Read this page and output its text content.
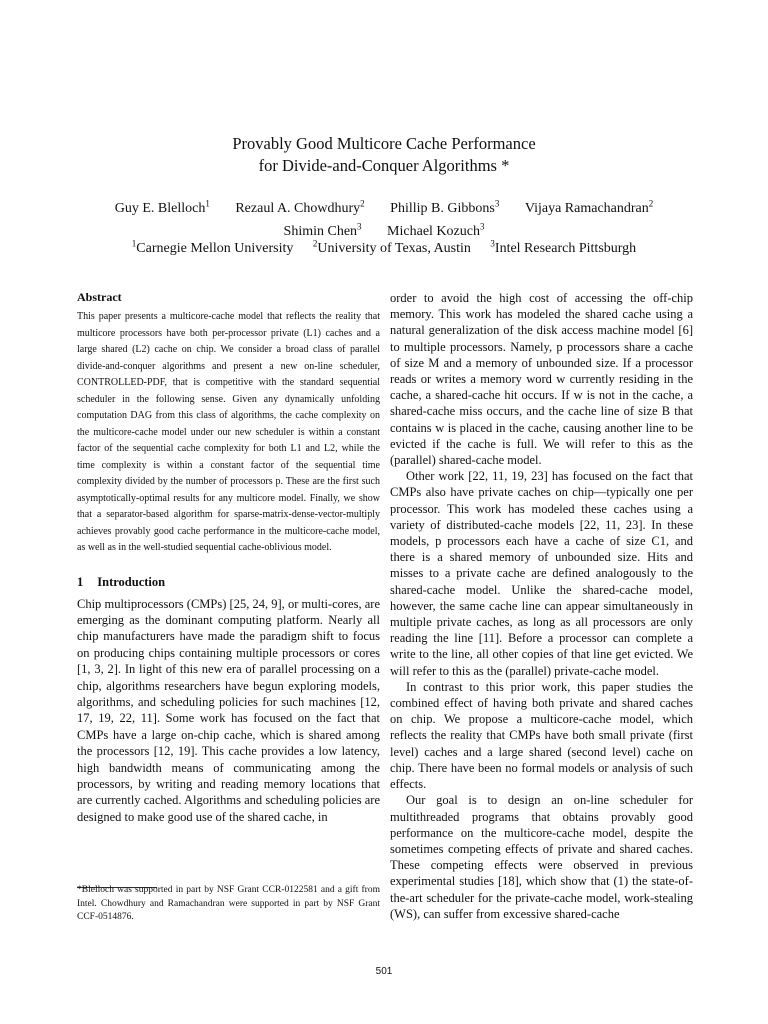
Provably Good Multicore Cache Performance
for Divide-and-Conquer Algorithms *
Guy E. Blelloch$^1$ Rezaul A. Chowdhury$^2$ Phillip B. Gibbons$^3$ Vijaya Ramachandran$^2$
Shimin Chen$^3$ Michael Kozuch$^3$
$^1$Carnegie Mellon University $^2$University of Texas, Austin $^3$Intel Research Pittsburgh
Abstract

This paper presents a multicore-cache model that reflects the reality that multicore processors have both per-processor private (L1) caches and a large shared (L2) cache on chip. We consider a broad class of parallel divide-and-conquer algorithms and present a new on-line scheduler, CONTROLLED-PDF, that is competitive with the standard sequential scheduler in the following sense. Given any dynamically unfolding computation DAG from this class of algorithms, the cache complexity on the multicore-cache model under our new scheduler is within a constant factor of the sequential cache complexity for both L1 and L2, while the time complexity is within a constant factor of the sequential time complexity divided by the number of processors p. These are the first such asymptotically-optimal results for any multicore model. Finally, we show that a separator-based algorithm for sparse-matrix-dense-vector-multiply achieves provably good cache performance in the multicore-cache model, as well as in the well-studied sequential cache-oblivious model.

1 Introduction

Chip multiprocessors (CMPs) [25, 24, 9], or multi-cores, are emerging as the dominant computing platform. Nearly all chip manufacturers have made the paradigm shift to focus on producing chips containing multiple processors or cores [1, 3, 2]. In light of this new era of parallel processing on a chip, algorithms researchers have begun exploring models, algorithms, and scheduling policies for such machines [12, 17, 19, 22, 11]. Some work has focused on the fact that CMPs have a large on-chip cache, which is shared among the processors [12, 19]. This cache provides a low latency, high bandwidth means of communicating among the processors, by writing and reading memory locations that are currently cached. Algorithms and scheduling policies are designed to make good use of the shared cache, in

order to avoid the high cost of accessing the off-chip memory. This work has modeled the shared cache using a natural generalization of the disk access machine model [6] to multiple processors. Namely, p processors share a cache of size M and a memory of unbounded size. If a processor reads or writes a memory word w currently residing in the cache, a shared-cache hit occurs. If w is not in the cache, a shared-cache miss occurs, and the cache line of size B that contains w is placed in the cache, causing another line to be evicted if the cache is full. We will refer to this as the (parallel) shared-cache model.

Other work [22, 11, 19, 23] has focused on the fact that CMPs also have private caches on chip—typically one per processor. This work has modeled these caches using a variety of distributed-cache models [22, 11, 23]. In these models, p processors each have a cache of size C1, and there is a shared memory of unbounded size. Hits and misses to a private cache are defined analogously to the shared-cache model. Unlike the shared-cache model, however, the same cache line can appear simultaneously in multiple private caches, as long as all processors are only reading the line [11]. Before a processor can complete a write to the line, all other copies of that line get evicted. We will refer to this as the (parallel) private-cache model.

In contrast to this prior work, this paper studies the combined effect of having both private and shared caches on chip. We propose a multicore-cache model, which reflects the reality that CMPs have both small private (first level) caches and a large shared (second level) cache on chip. There have been no formal models or analysis of such effects.

Our goal is to design an on-line scheduler for multithreaded programs that obtains provably good performance on the multicore-cache model, despite the sometimes competing effects of private and shared caches. These competing effects were observed in previous experimental studies [18], which show that (1) the state-of-the-art scheduler for the private-cache model, work-stealing (WS), can suffer from excessive shared-cache

*Blelloch was supported in part by NSF Grant CCR-0122581 and a gift from Intel. Chowdhury and Ramachandran were supported in part by NSF Grant CCF-0514876.
501
